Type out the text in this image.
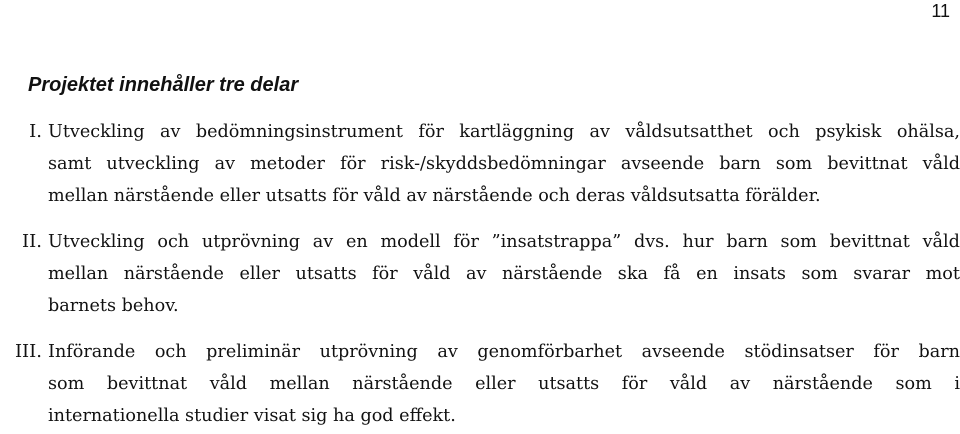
11
Projektet innehåller tre delar
I. Utveckling av bedömningsinstrument för kartläggning av våldsutsatthet och psykisk ohälsa,
samt utveckling av metoder för risk-/skyddsbedömningar avseende barn som bevittnat våld
mellan närstående eller utsatts för våld av närstående och deras våldsutsatta förälder.
II. Utveckling och utprövning av en modell för ”insatstrappa” dvs. hur barn som bevittnat våld
mellan närstående eller utsatts för våld av närstående ska få en insats som svarar mot
barnets behov.
III. Införande och preliminär utprövning av genomförbarhet avseende stödinsatser för barn
som bevittnat våld mellan närstående eller utsatts för våld av närstående som i
internationella studier visat sig ha god effekt.
